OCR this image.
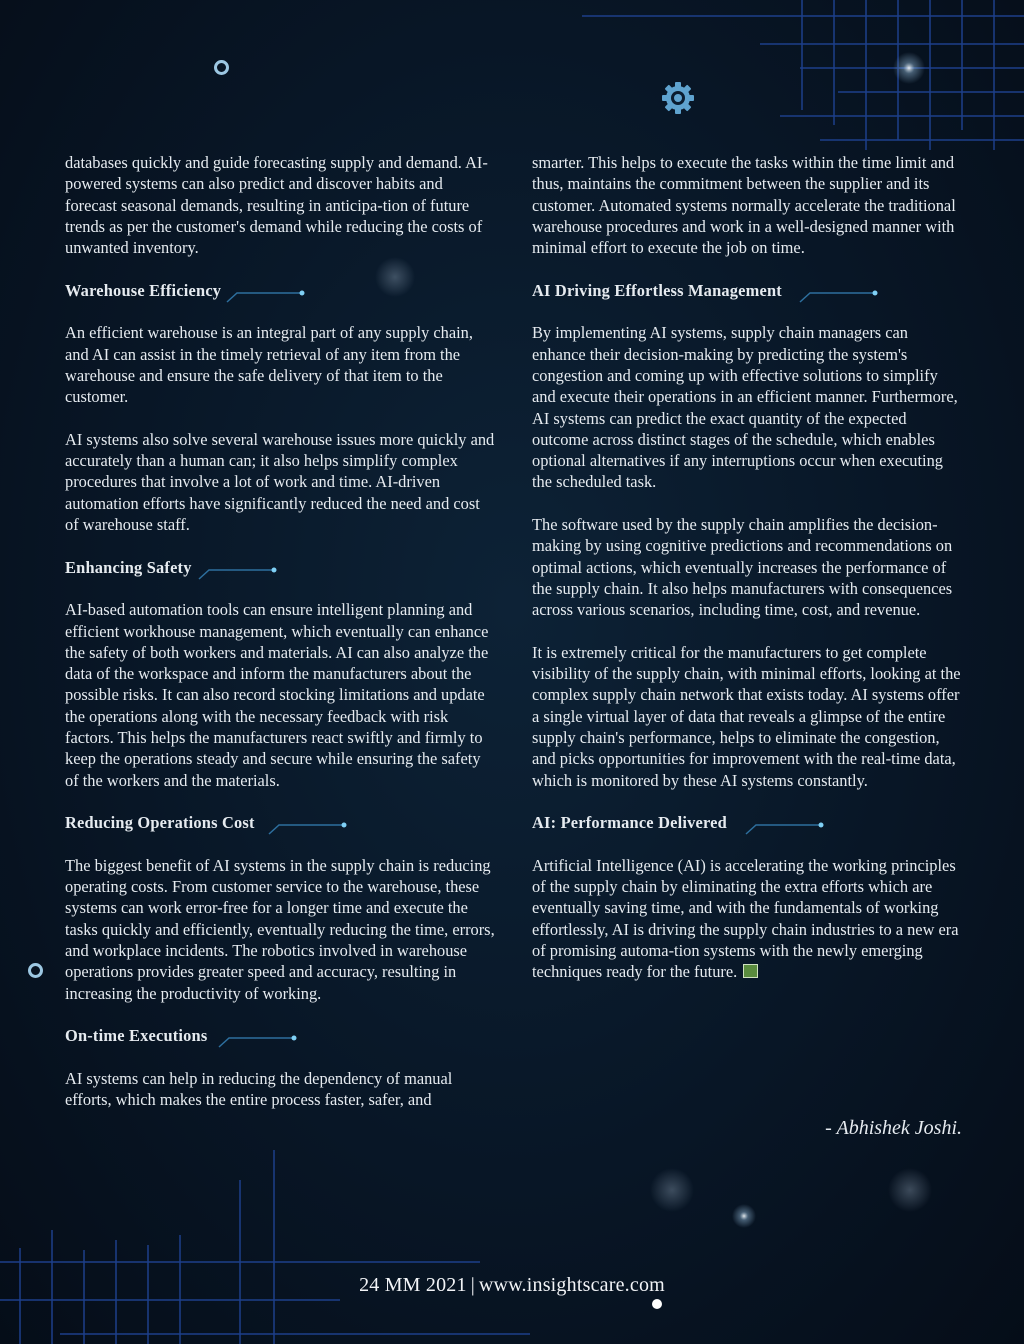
databases quickly and guide forecasting supply and demand. AI-powered systems can also predict and discover habits and forecast seasonal demands, resulting in anticipa-tion of future trends as per the customer's demand while reducing the costs of unwanted inventory.

Warehouse Efficiency

An efficient warehouse is an integral part of any supply chain, and AI can assist in the timely retrieval of any item from the warehouse and ensure the safe delivery of that item to the customer.

AI systems also solve several warehouse issues more quickly and accurately than a human can; it also helps simplify complex procedures that involve a lot of work and time. AI-driven automation efforts have significantly reduced the need and cost of warehouse staff.

Enhancing Safety

AI-based automation tools can ensure intelligent planning and efficient workhouse management, which eventually can enhance the safety of both workers and materials. AI can also analyze the data of the workspace and inform the manufacturers about the possible risks. It can also record stocking limitations and update the operations along with the necessary feedback with risk factors. This helps the manufacturers react swiftly and firmly to keep the operations steady and secure while ensuring the safety of the workers and the materials.

Reducing Operations Cost

The biggest benefit of AI systems in the supply chain is reducing operating costs. From customer service to the warehouse, these systems can work error-free for a longer time and execute the tasks quickly and efficiently, eventually reducing the time, errors, and workplace incidents. The robotics involved in warehouse operations provides greater speed and accuracy, resulting in increasing the productivity of working.

On-time Executions

AI systems can help in reducing the dependency of manual efforts, which makes the entire process faster, safer, and

smarter. This helps to execute the tasks within the time limit and thus, maintains the commitment between the supplier and its customer. Automated systems normally accelerate the traditional warehouse procedures and work in a well-designed manner with minimal effort to execute the job on time.

AI Driving Effortless Management

By implementing AI systems, supply chain managers can enhance their decision-making by predicting the system's congestion and coming up with effective solutions to simplify and execute their operations in an efficient manner. Furthermore, AI systems can predict the exact quantity of the expected outcome across distinct stages of the schedule, which enables optional alternatives if any interruptions occur when executing the scheduled task.

The software used by the supply chain amplifies the decision-making by using cognitive predictions and recommendations on optimal actions, which eventually increases the performance of the supply chain. It also helps manufacturers with consequences across various scenarios, including time, cost, and revenue.

It is extremely critical for the manufacturers to get complete visibility of the supply chain, with minimal efforts, looking at the complex supply chain network that exists today. AI systems offer a single virtual layer of data that reveals a glimpse of the entire supply chain's performance, helps to eliminate the congestion, and picks opportunities for improvement with the real-time data, which is monitored by these AI systems constantly.

AI: Performance Delivered

Artificial Intelligence (AI) is accelerating the working principles of the supply chain by eliminating the extra efforts which are eventually saving time, and with the fundamentals of working effortlessly, AI is driving the supply chain industries to a new era of promising automa-tion systems with the newly emerging techniques ready for the future.

- Abhishek Joshi.
24 MM 2021 | www.insightscare.com
